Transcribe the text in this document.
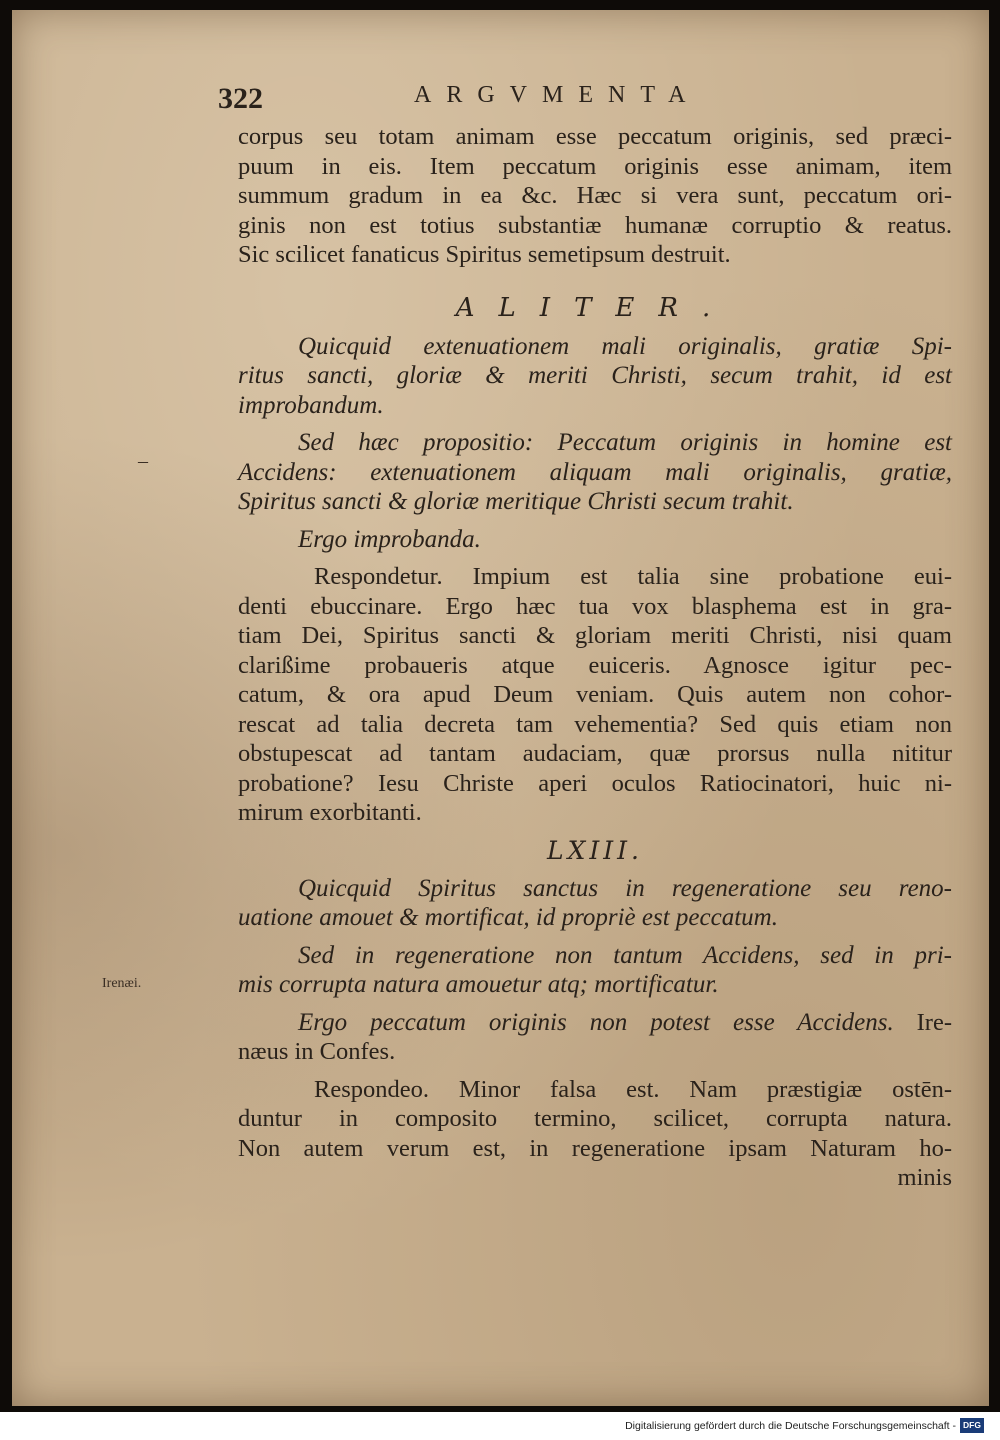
–
Irenæi.
322	ARGVMENTA
corpus seu totam animam esse peccatum originis, sed præci-
puum in eis. Item peccatum originis esse animam, item
summum gradum in ea &c. Hæc si vera sunt, peccatum ori-
ginis non est totius substantiæ humanæ corruptio & reatus.
Sic scilicet fanaticus Spiritus semetipsum destruit.
ALITER.
Quicquid extenuationem mali originalis, gratiæ Spi-
ritus sancti, gloriæ & meriti Christi, secum trahit, id est
improbandum.
Sed hæc propositio: Peccatum originis in homine est
Accidens: extenuationem aliquam mali originalis, gratiæ,
Spiritus sancti & gloriæ meritique Christi secum trahit.
Ergo improbanda.
Respondetur. Impium est talia sine probatione eui-
denti ebuccinare. Ergo hæc tua vox blasphema est in gra-
tiam Dei, Spiritus sancti & gloriam meriti Christi, nisi quam
clarißime probaueris atque euiceris. Agnosce igitur pec-
catum, & ora apud Deum veniam. Quis autem non cohor-
rescat ad talia decreta tam vehementia? Sed quis etiam non
obstupescat ad tantam audaciam, quæ prorsus nulla nititur
probatione? Iesu Christe aperi oculos Ratiocinatori, huic ni-
mirum exorbitanti.
LXIII.
Quicquid Spiritus sanctus in regeneratione seu reno-
uatione amouet & mortificat, id propriè est peccatum.
Sed in regeneratione non tantum Accidens, sed in pri-
mis corrupta natura amouetur atq; mortificatur.
Ergo peccatum originis non potest esse Accidens. Ire-
næus in Confes.
Respondeo. Minor falsa est. Nam præstigiæ ostēn-
duntur in composito termino, scilicet, corrupta natura.
Non autem verum est, in regeneratione ipsam Naturam ho-
minis
Digitalisierung gefördert durch die Deutsche Forschungsgemeinschaft - DFG
